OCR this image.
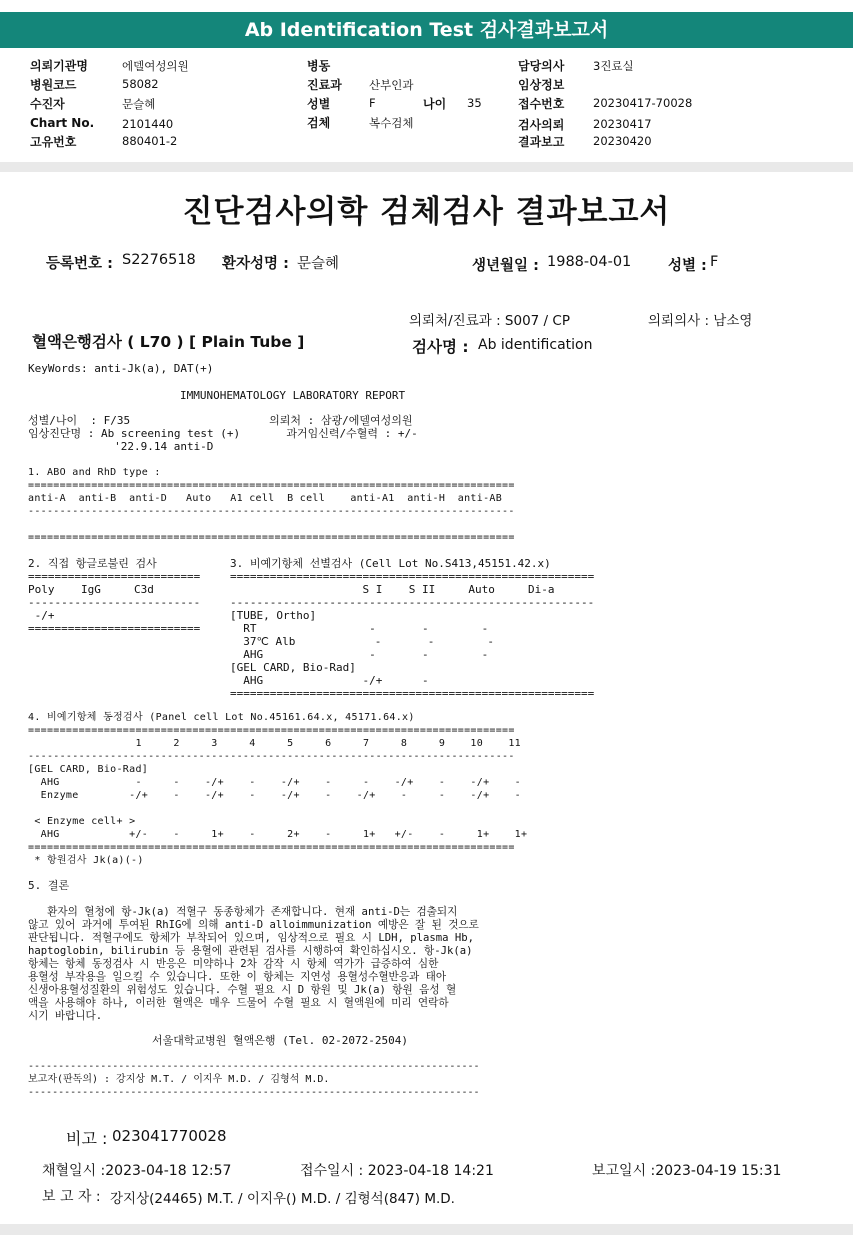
Ab Identification Test 검사결과보고서
의뢰기관명	에델여성의원
병원코드	58082
수진자	문슬혜
Chart No. 2101440
고유번호	880401-2
병동
진료과 산부인과
성별	F	나이 35
검체	복수검체
담당의사 3진료실
임상정보
접수번호 20230417-70028
검사의뢰 20230417
결과보고 20230420
진단검사의학 검체검사 결과보고서
등록번호 : S2276518 환자성명 : 문슬혜	생년월일 : 1988-04-01	성별 : F
의뢰처/진료과 : S007 / CP	의뢰의사 : 남소영
혈액은행검사 ( L70 ) [ Plain Tube ]	검사명 : Ab identification
KeyWords: anti-Jk(a), DAT(+)
IMMUNOHEMATOLOGY LABORATORY REPORT
성별/나이  : F/35                     의뢰처 : 삼광/에델여성의원
임상진단명 : Ab screening test (+)       과거임신력/수혈력 : +/-
'22.9.14 anti-D
1. ABO and RhD type :
=============================================================================
anti-A  anti-B  anti-D   Auto   A1 cell  B cell    anti-A1  anti-H  anti-AB
-----------------------------------------------------------------------------

=============================================================================
2. 직접 항글로불린 검사
==========================
Poly    IgG     C3d
--------------------------
-/+
==========================
3. 비예기항체 선별검사 (Cell Lot No.S413,45151.42.x)
=======================================================
S I    S II     Auto     Di-a
-------------------------------------------------------
[TUBE, Ortho]
RT                 -       -        -
37℃ Alb            -       -        -
AHG                -       -        -
[GEL CARD, Bio-Rad]
AHG               -/+      -
=======================================================
4. 비예기항체 동정검사 (Panel cell Lot No.45161.64.x, 45171.64.x)
=============================================================================
1     2     3     4     5     6     7     8     9    10    11
-----------------------------------------------------------------------------
[GEL CARD, Bio-Rad]
AHG            -     -    -/+    -    -/+    -     -    -/+    -    -/+    -
Enzyme        -/+    -    -/+    -    -/+    -    -/+    -     -    -/+    -

< Enzyme cell+ >
AHG           +/-    -     1+    -     2+    -     1+   +/-    -     1+    1+
=============================================================================
* 항원검사 Jk(a)(-)
5. 결론
환자의 혈청에 항-Jk(a) 적혈구 동종항체가 존재합니다. 현재 anti-D는 검출되지
않고 있어 과거에 투여된 RhIG에 의해 anti-D alloimmunization 예방은 잘 된 것으로
판단됩니다. 적혈구에도 항체가 부착되어 있으며, 임상적으로 필요 시 LDH, plasma Hb,
haptoglobin, bilirubin 등 용혈에 관련된 검사를 시행하여 확인하십시오. 항-Jk(a)
항체는 항체 동정검사 시 반응은 미약하나 2차 감작 시 항체 역가가 급증하여 심한
용혈성 부작용을 일으킬 수 있습니다. 또한 이 항체는 지연성 용혈성수혈반응과 태아
신생아용혈성질환의 위험성도 있습니다. 수혈 필요 시 D 항원 및 Jk(a) 항원 음성 혈
액을 사용해야 하나, 이러한 혈액은 매우 드물어 수혈 필요 시 혈액원에 미리 연락하
시기 바랍니다.
서울대학교병원 혈액은행 (Tel. 02-2072-2504)
---------------------------------------------------------------------------
보고자(판독의) : 강지상 M.T. / 이지우 M.D. / 김형석 M.D.
---------------------------------------------------------------------------
비고 : 023041770028
채혈일시 :2023-04-18 12:57	접수일시 : 2023-04-18 14:21	보고일시 :2023-04-19 15:31
보 고 자 : 강지상(24465) M.T. / 이지우() M.D. / 김형석(847) M.D.
